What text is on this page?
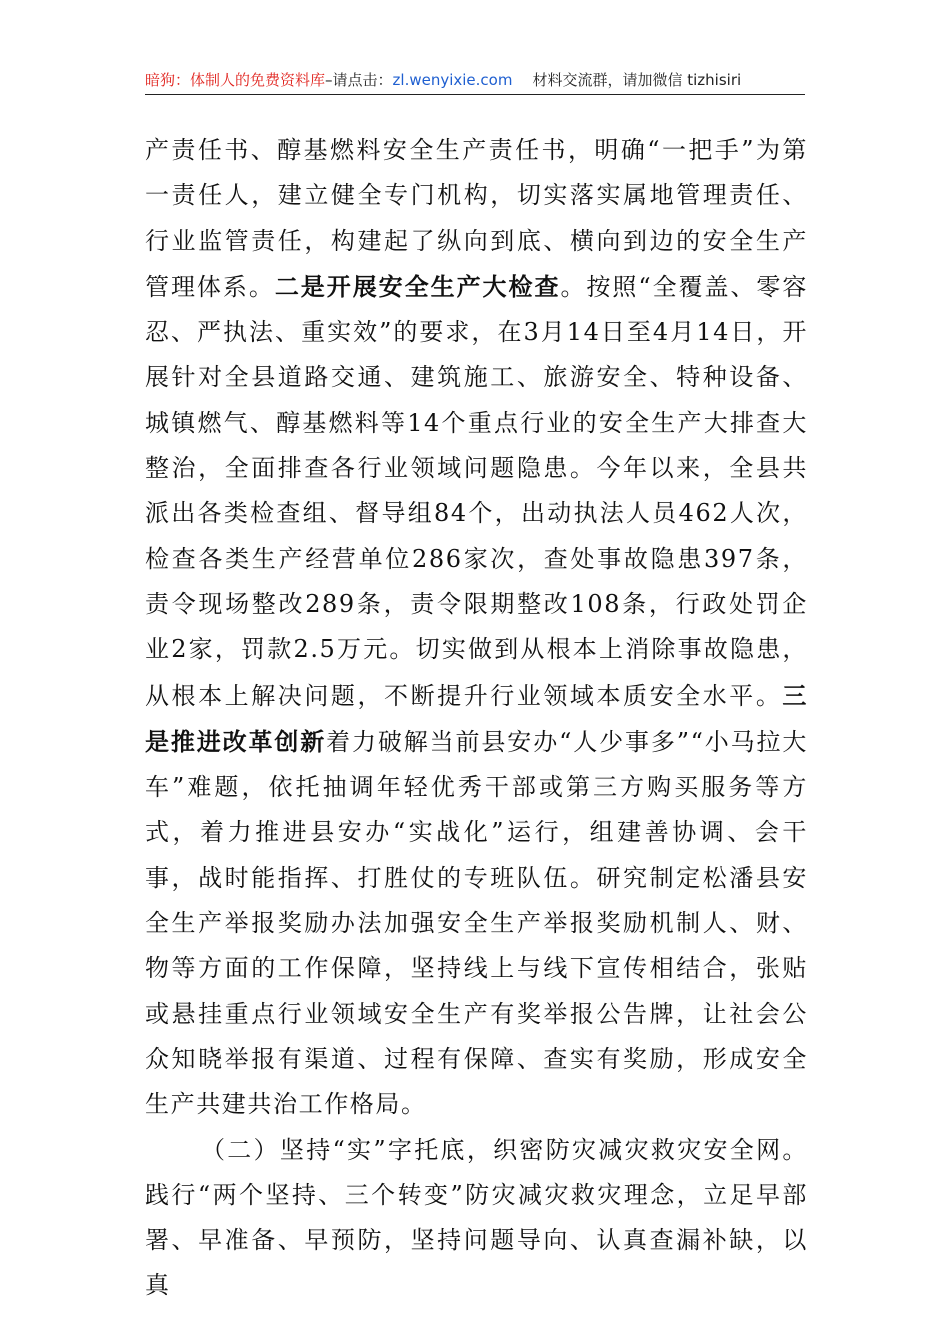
暗狗：体制人的免费资料库–请点击：zl.wenyixie.com 材料交流群，请加微信 tizhisiri

产责任书、醇基燃料安全生产责任书，明确“一把手”为第一责任人，建立健全专门机构，切实落实属地管理责任、行业监管责任，构建起了纵向到底、横向到边的安全生产管理体系。二是开展安全生产大检查。按照“全覆盖、零容忍、严执法、重实效”的要求，在3月14日至4月14日，开展针对全县道路交通、建筑施工、旅游安全、特种设备、城镇燃气、醇基燃料等14个重点行业的安全生产大排查大整治，全面排查各行业领域问题隐患。今年以来，全县共派出各类检查组、督导组84个，出动执法人员462人次，检查各类生产经营单位286家次，查处事故隐患397条，责令现场整改289条，责令限期整改108条，行政处罚企业2家，罚款2.5万元。切实做到从根本上消除事故隐患，从根本上解决问题，不断提升行业领域本质安全水平。三是推进改革创新着力破解当前县安办“人少事多”“小马拉大车”难题，依托抽调年轻优秀干部或第三方购买服务等方式，着力推进县安办“实战化”运行，组建善协调、会干事，战时能指挥、打胜仗的专班队伍。研究制定松潘县安全生产举报奖励办法加强安全生产举报奖励机制人、财、物等方面的工作保障，坚持线上与线下宣传相结合，张贴或悬挂重点行业领域安全生产有奖举报公告牌，让社会公众知晓举报有渠道、过程有保障、查实有奖励，形成安全生产共建共治工作格局。

（二）坚持“实”字托底，织密防灾减灾救灾安全网。践行“两个坚持、三个转变”防灾减灾救灾理念，立足早部署、早准备、早预防，坚持问题导向、认真查漏补缺，以真
